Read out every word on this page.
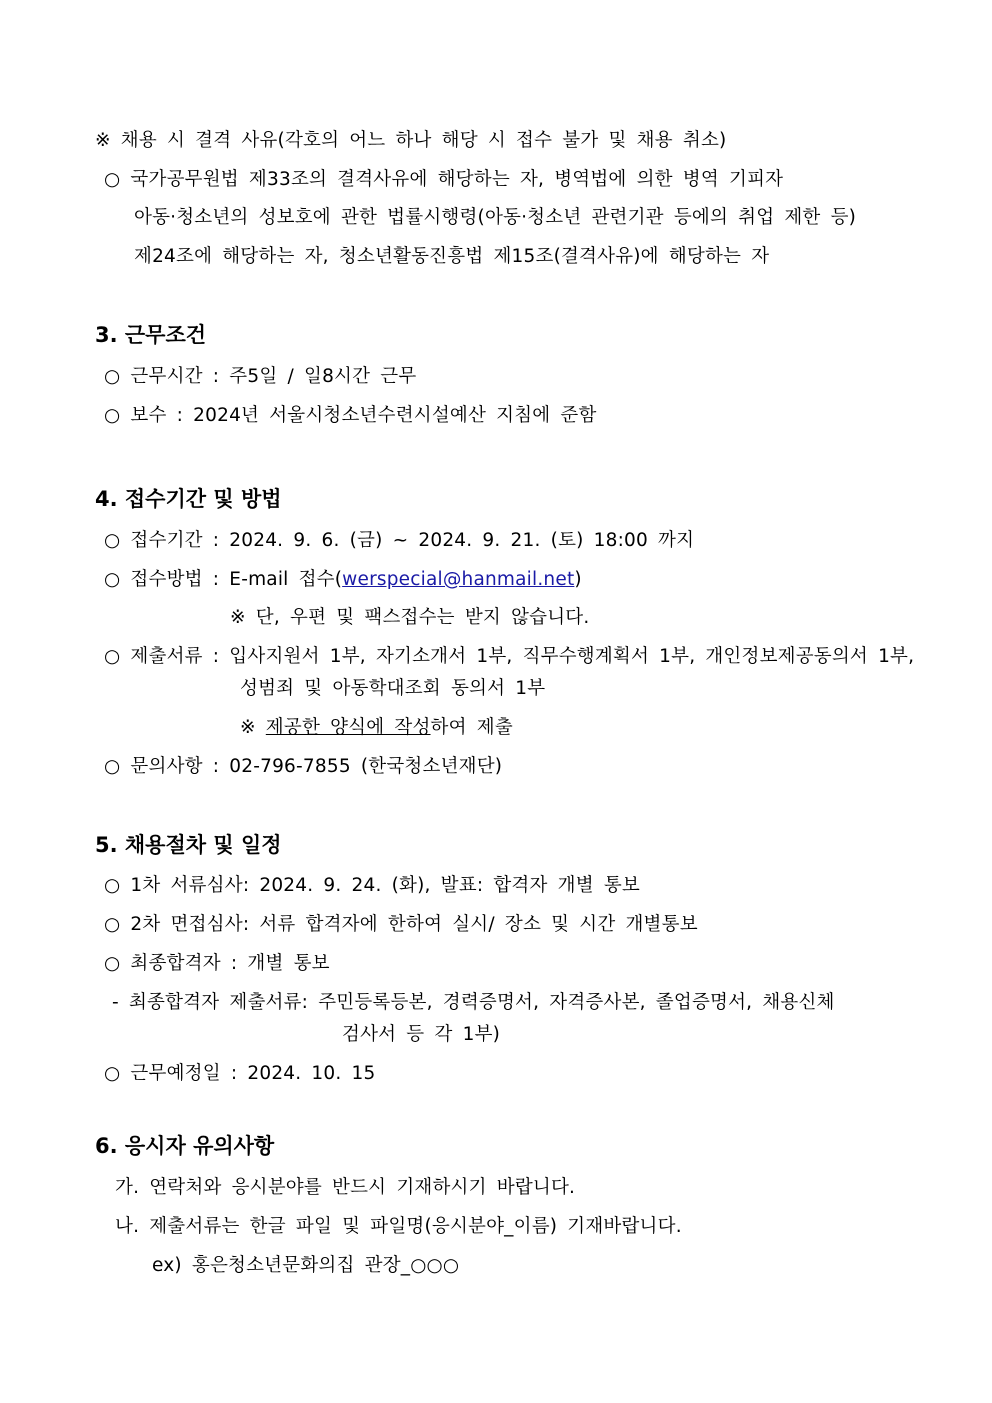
※ 채용 시 결격 사유(각호의 어느 하나 해당 시 접수 불가 및 채용 취소)
○ 국가공무원법 제33조의 결격사유에 해당하는 자, 병역법에 의한 병역 기피자
아동·청소년의 성보호에 관한 법률시행령(아동·청소년 관련기관 등에의 취업 제한 등)
제24조에 해당하는 자, 청소년활동진흥법 제15조(결격사유)에 해당하는 자
3. 근무조건
○ 근무시간 : 주5일 / 일8시간 근무
○ 보수 : 2024년 서울시청소년수련시설예산 지침에 준함
4. 접수기간 및 방법
○ 접수기간 : 2024. 9. 6. (금) ~ 2024. 9. 21. (토) 18:00 까지
○ 접수방법 : E-mail 접수(werspecial@hanmail.net)
※ 단, 우편 및 팩스접수는 받지 않습니다.
○ 제출서류 : 입사지원서 1부, 자기소개서 1부, 직무수행계획서 1부, 개인정보제공동의서 1부,
성범죄 및 아동학대조회 동의서 1부
※ 제공한 양식에 작성하여 제출
○ 문의사항 : 02-796-7855 (한국청소년재단)
5. 채용절차 및 일정
○ 1차 서류심사: 2024. 9. 24. (화), 발표: 합격자 개별 통보
○ 2차 면접심사: 서류 합격자에 한하여 실시/ 장소 및 시간 개별통보
○ 최종합격자 : 개별 통보
- 최종합격자 제출서류: 주민등록등본, 경력증명서, 자격증사본, 졸업증명서, 채용신체
검사서 등 각 1부)
○ 근무예정일 : 2024. 10. 15
6. 응시자 유의사항
가. 연락처와 응시분야를 반드시 기재하시기 바랍니다.
나. 제출서류는 한글 파일 및 파일명(응시분야_이름) 기재바랍니다.
ex) 홍은청소년문화의집 관장_○○○
